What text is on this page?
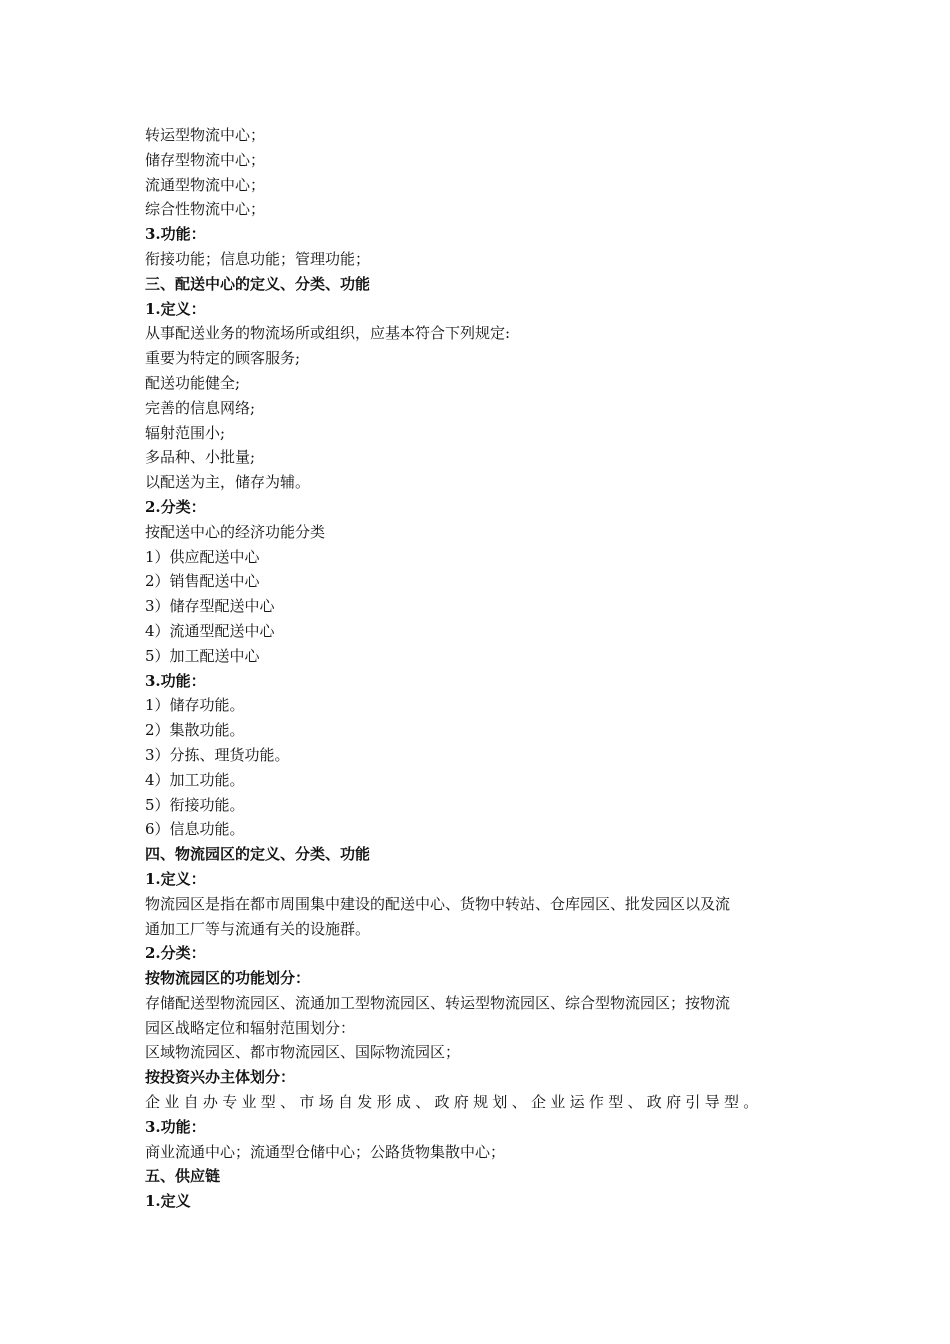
转运型物流中心；
储存型物流中心；
流通型物流中心；
综合性物流中心；
3.功能：
衔接功能；信息功能；管理功能；
三、配送中心的定义、分类、功能
1.定义：
从事配送业务的物流场所或组织，应基本符合下列规定:
重要为特定的顾客服务;
配送功能健全;
完善的信息网络;
辐射范围小;
多品种、小批量;
以配送为主，储存为辅。
2.分类：
按配送中心的经济功能分类
1）供应配送中心
2）销售配送中心
3）储存型配送中心
4）流通型配送中心
5）加工配送中心
3.功能：
1）储存功能。
2）集散功能。
3）分拣、理货功能。
4）加工功能。
5）衔接功能。
6）信息功能。
四、物流园区的定义、分类、功能
1.定义：
物流园区是指在都市周围集中建设的配送中心、货物中转站、仓库园区、批发园区以及流
通加工厂等与流通有关的设施群。
2.分类：
按物流园区的功能划分：
存储配送型物流园区、流通加工型物流园区、转运型物流园区、综合型物流园区；按物流
园区战略定位和辐射范围划分：
区域物流园区、都市物流园区、国际物流园区；
按投资兴办主体划分：
企业自办专业型、市场自发形成、政府规划、企业运作型、政府引导型。
3.功能：
商业流通中心；流通型仓储中心；公路货物集散中心；
五、供应链
1.定义
